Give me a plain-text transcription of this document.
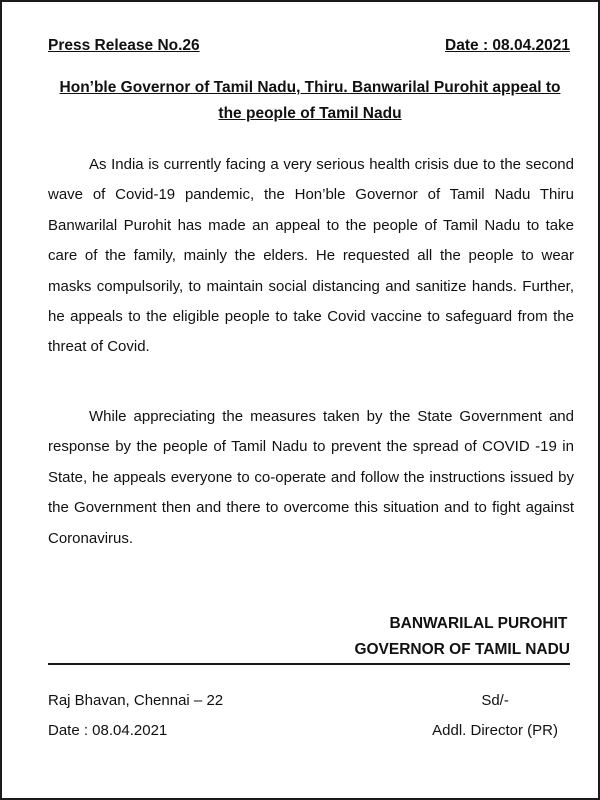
Press Release No.26	Date : 08.04.2021
Hon’ble Governor of Tamil Nadu, Thiru. Banwarilal Purohit appeal to
the people of Tamil Nadu

As India is currently facing a very serious health crisis due to the second wave of Covid-19 pandemic, the Hon’ble Governor of Tamil Nadu Thiru Banwarilal Purohit has made an appeal to the people of Tamil Nadu to take care of the family, mainly the elders. He requested all the people to wear masks compulsorily, to maintain social distancing and sanitize hands. Further, he appeals to the eligible people to take Covid vaccine to safeguard from the threat of Covid.

While appreciating the measures taken by the State Government and response by the people of Tamil Nadu to prevent the spread of COVID -19 in State, he appeals everyone to co-operate and follow the instructions issued by the Government then and there to overcome this situation and to fight against Coronavirus.

BANWARILAL PUROHIT
GOVERNOR OF TAMIL NADU
Raj Bhavan, Chennai – 22
Date : 08.04.2021
Sd/-
Addl. Director (PR)
